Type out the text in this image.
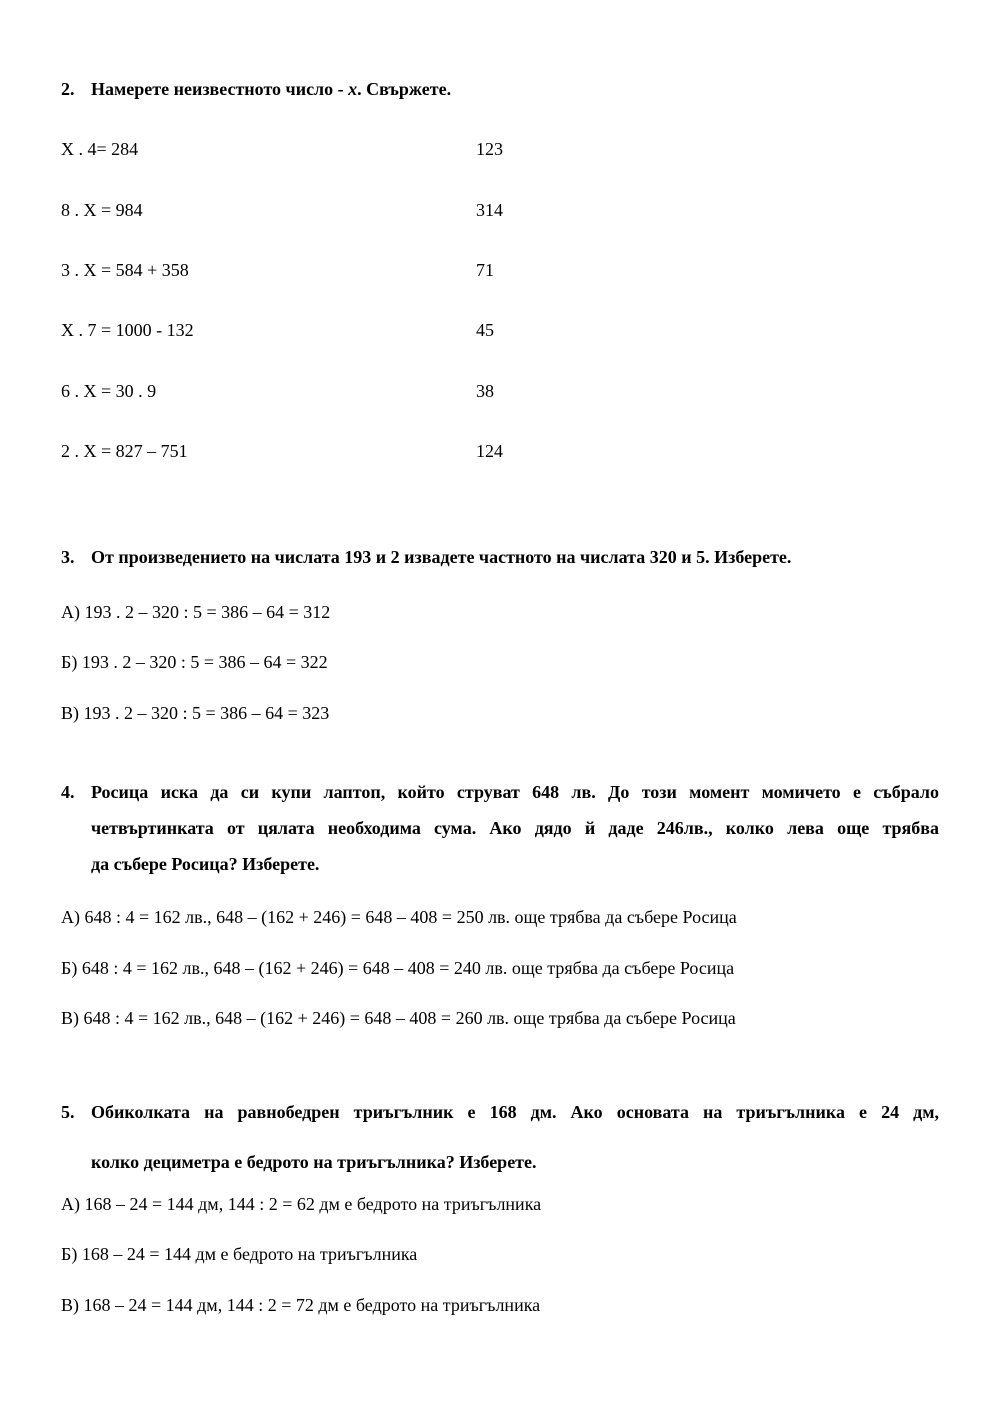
2. Намерете неизвестното число - x. Свържете.
X . 4= 284	123
8 . X = 984	314
3 . X = 584 + 358	71
X . 7 = 1000 - 132	45
6 . X = 30 . 9	38
2 . X = 827 – 751	124
3. От произведението на числата 193 и 2 извадете частното на числата 320 и 5. Изберете.
А) 193 . 2 – 320 : 5 = 386 – 64 = 312
Б) 193 . 2 – 320 : 5 = 386 – 64 = 322
В) 193 . 2 – 320 : 5 = 386 – 64 = 323
4. Росица иска да си купи лаптоп, който струват 648 лв. До този момент момичето е събрало
четвъртинката от цялата необходима сума. Ако дядо й даде 246лв., колко лева още трябва
да събере Росица? Изберете.
А) 648 : 4 = 162 лв., 648 – (162 + 246) = 648 – 408 = 250 лв. още трябва да събере Росица
Б) 648 : 4 = 162 лв., 648 – (162 + 246) = 648 – 408 = 240 лв. още трябва да събере Росица
В) 648 : 4 = 162 лв., 648 – (162 + 246) = 648 – 408 = 260 лв. още трябва да събере Росица
5. Обиколката на равнобедрен триъгълник е 168 дм. Ако основата на триъгълника е 24 дм,
колко дециметра е бедрото на триъгълника? Изберете.
А) 168 – 24 = 144 дм, 144 : 2 = 62 дм е бедрото на триъгълника
Б) 168 – 24 = 144 дм е бедрото на триъгълника
В) 168 – 24 = 144 дм, 144 : 2 = 72 дм е бедрото на триъгълника
